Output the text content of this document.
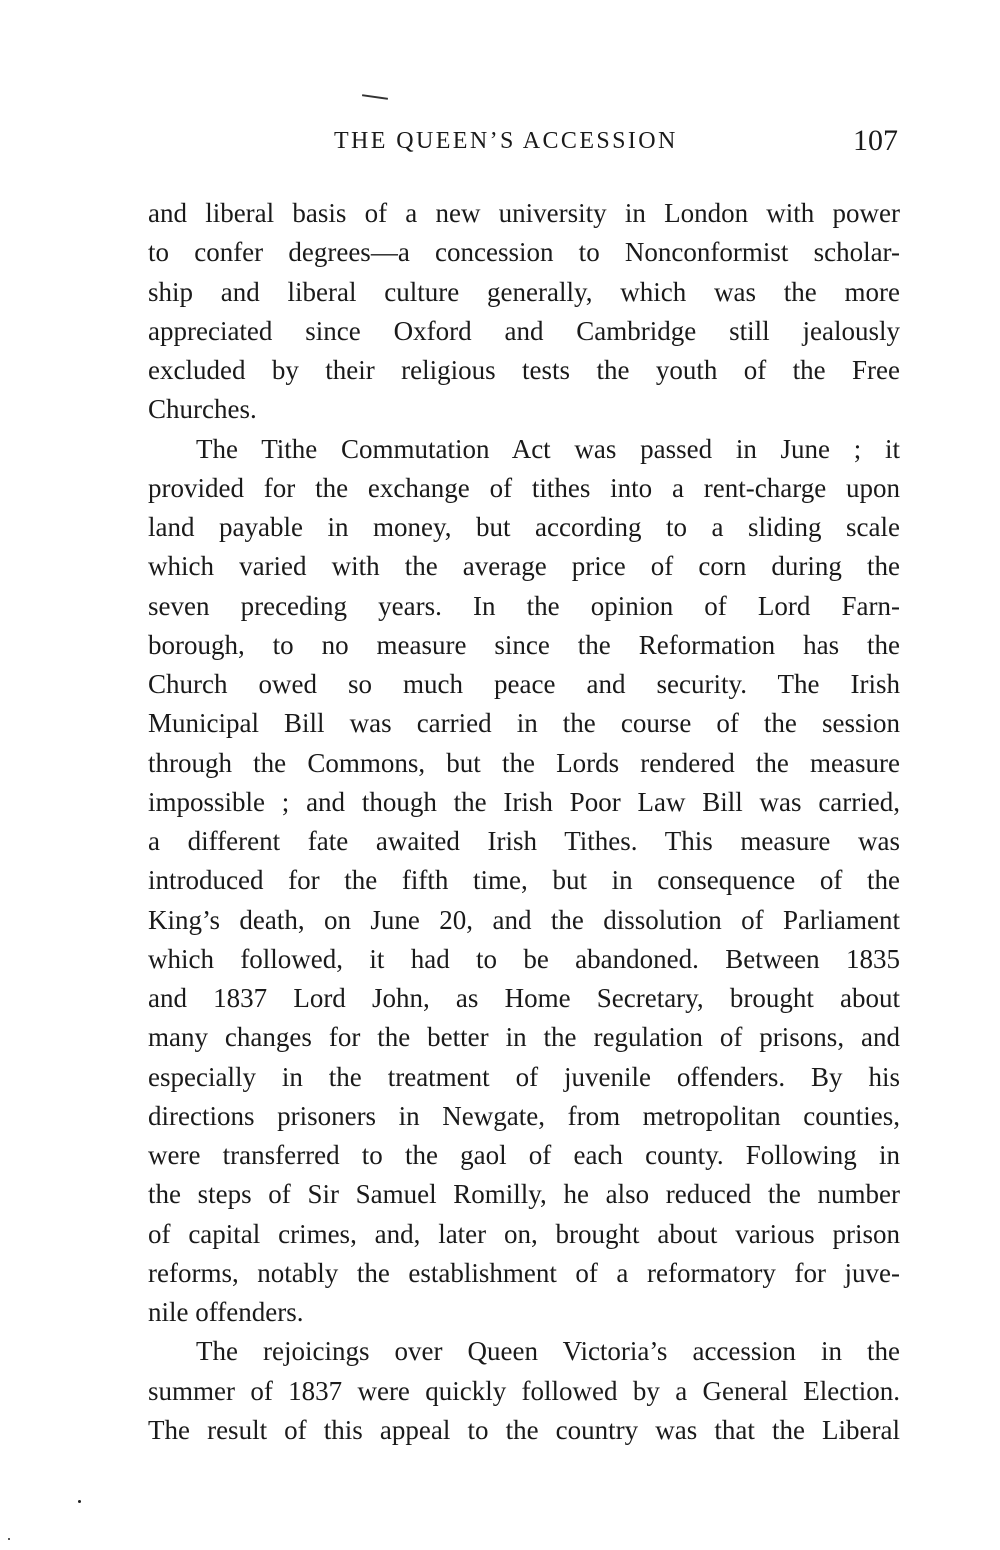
THE QUEEN’S ACCESSION	107
and liberal basis of a new university in London with power
to confer degrees—a concession to Nonconformist scholar-
ship and liberal culture generally, which was the more
appreciated since Oxford and Cambridge still jealously
excluded by their religious tests the youth of the Free
Churches.
The Tithe Commutation Act was passed in June ; it
provided for the exchange of tithes into a rent-charge upon
land payable in money, but according to a sliding scale
which varied with the average price of corn during the
seven preceding years. In the opinion of Lord Farn-
borough, to no measure since the Reformation has the
Church owed so much peace and security. The Irish
Municipal Bill was carried in the course of the session
through the Commons, but the Lords rendered the measure
impossible ; and though the Irish Poor Law Bill was carried,
a different fate awaited Irish Tithes. This measure was
introduced for the fifth time, but in consequence of the
King’s death, on June 20, and the dissolution of Parliament
which followed, it had to be abandoned. Between 1835
and 1837 Lord John, as Home Secretary, brought about
many changes for the better in the regulation of prisons, and
especially in the treatment of juvenile offenders. By his
directions prisoners in Newgate, from metropolitan counties,
were transferred to the gaol of each county. Following in
the steps of Sir Samuel Romilly, he also reduced the number
of capital crimes, and, later on, brought about various prison
reforms, notably the establishment of a reformatory for juve-
nile offenders.
The rejoicings over Queen Victoria’s accession in the
summer of 1837 were quickly followed by a General Election.
The result of this appeal to the country was that the Liberal
